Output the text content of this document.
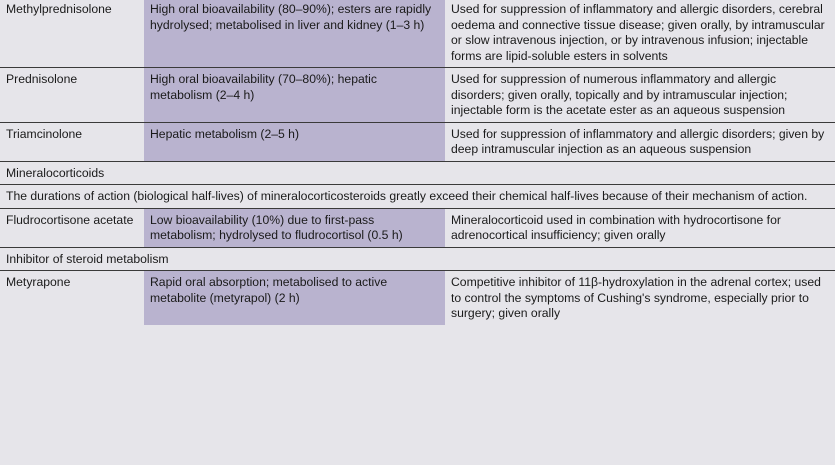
Methylprednisolone	High oral bioavailability (80–90%); esters are rapidly hydrolysed; metabolised in liver and kidney (1–3 h)	Used for suppression of inflammatory and allergic disorders, cerebral oedema and connective tissue disease; given orally, by intramuscular or slow intravenous injection, or by intravenous infusion; injectable forms are lipid-soluble esters in solvents
Prednisolone	High oral bioavailability (70–80%); hepatic metabolism (2–4 h)	Used for suppression of numerous inflammatory and allergic disorders; given orally, topically and by intramuscular injection; injectable form is the acetate ester as an aqueous suspension
Triamcinolone	Hepatic metabolism (2–5 h)	Used for suppression of inflammatory and allergic disorders; given by deep intramuscular injection as an aqueous suspension
Mineralocorticoids		
The durations of action (biological half-lives) of mineralocorticosteroids greatly exceed their chemical half-lives because of their mechanism of action.		
Fludrocortisone acetate	Low bioavailability (10%) due to first-pass metabolism; hydrolysed to fludrocortisol (0.5 h)	Mineralocorticoid used in combination with hydrocortisone for adrenocortical insufficiency; given orally
Inhibitor of steroid metabolism		
Metyrapone	Rapid oral absorption; metabolised to active metabolite (metyrapol) (2 h)	Competitive inhibitor of 11β-hydroxylation in the adrenal cortex; used to control the symptoms of Cushing's syndrome, especially prior to surgery; given orally
